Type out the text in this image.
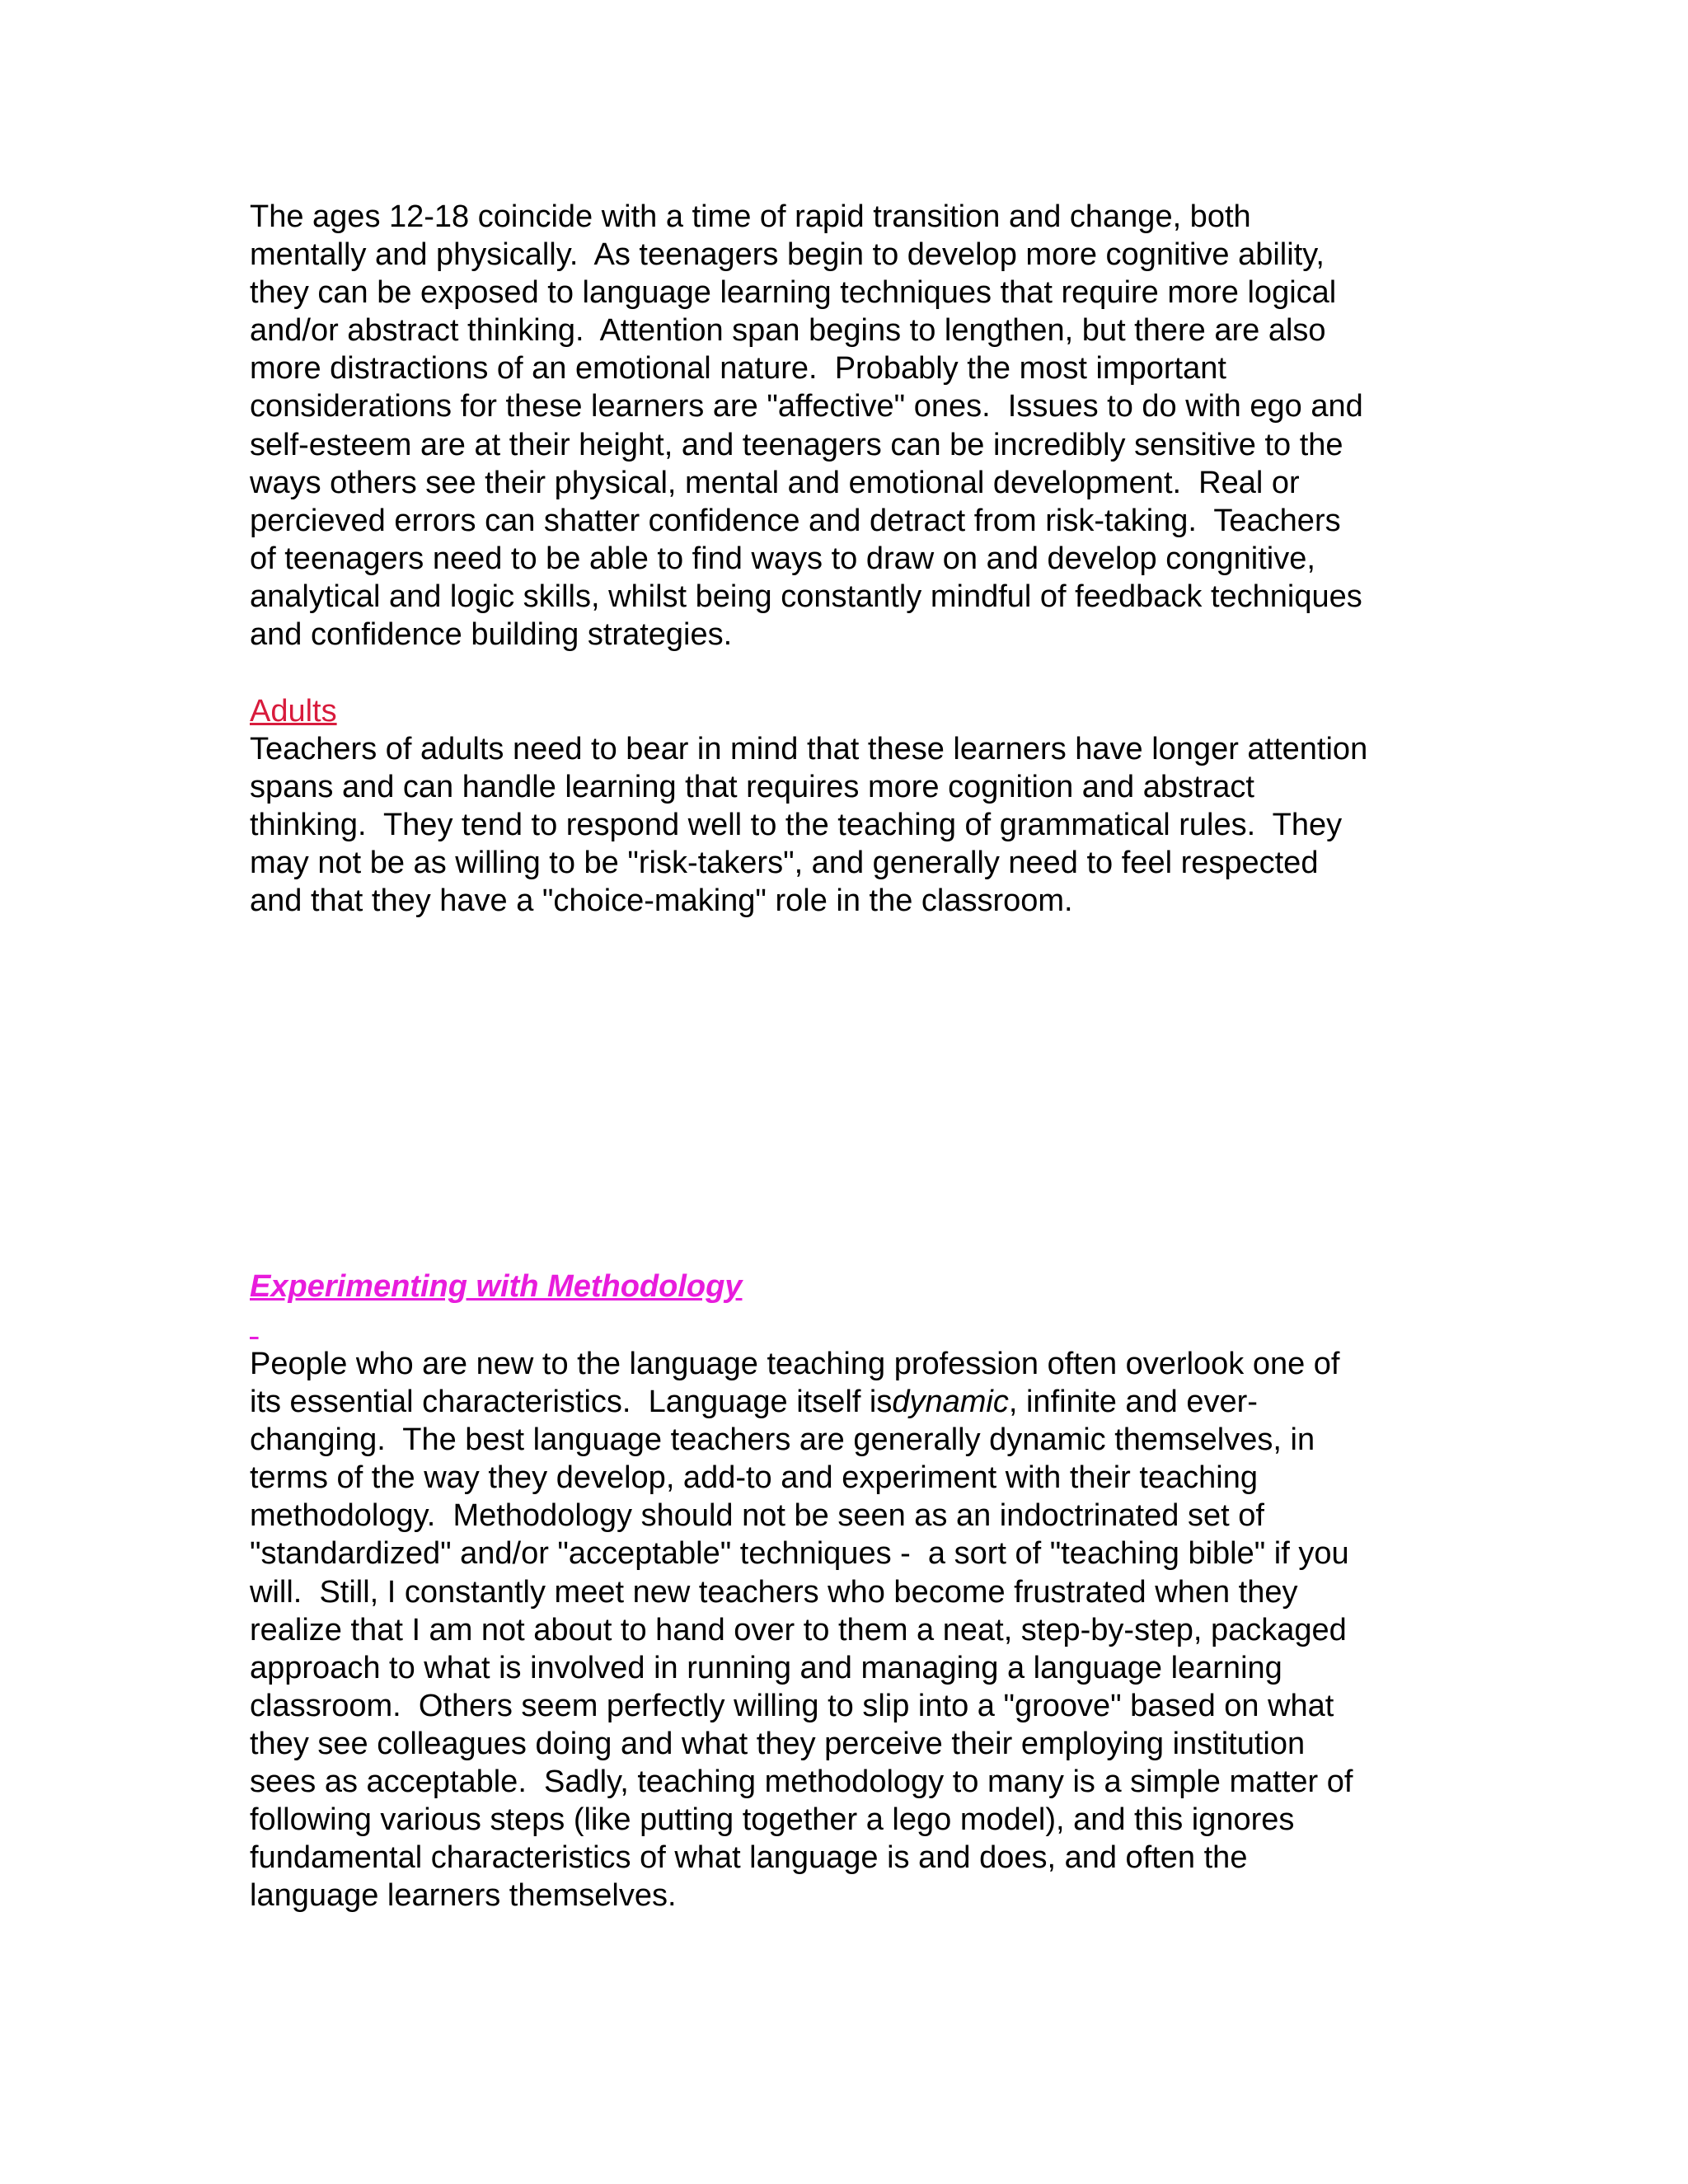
The ages 12-18 coincide with a time of rapid transition and change, both
mentally and physically.  As teenagers begin to develop more cognitive ability,
they can be exposed to language learning techniques that require more logical
and/or abstract thinking.  Attention span begins to lengthen, but there are also
more distractions of an emotional nature.  Probably the most important
considerations for these learners are "affective" ones.  Issues to do with ego and
self-esteem are at their height, and teenagers can be incredibly sensitive to the
ways others see their physical, mental and emotional development.  Real or
percieved errors can shatter confidence and detract from risk-taking.  Teachers
of teenagers need to be able to find ways to draw on and develop congnitive,
analytical and logic skills, whilst being constantly mindful of feedback techniques
and confidence building strategies.
Adults
Teachers of adults need to bear in mind that these learners have longer attention
spans and can handle learning that requires more cognition and abstract
thinking.  They tend to respond well to the teaching of grammatical rules.  They
may not be as willing to be "risk-takers", and generally need to feel respected
and that they have a "choice-making" role in the classroom.
Experimenting with Methodology

People who are new to the language teaching profession often overlook one of
its essential characteristics.  Language itself isdynamic, infinite and ever-
changing.  The best language teachers are generally dynamic themselves, in
terms of the way they develop, add-to and experiment with their teaching
methodology.  Methodology should not be seen as an indoctrinated set of
"standardized" and/or "acceptable" techniques -  a sort of "teaching bible" if you
will.  Still, I constantly meet new teachers who become frustrated when they
realize that I am not about to hand over to them a neat, step-by-step, packaged
approach to what is involved in running and managing a language learning
classroom.  Others seem perfectly willing to slip into a "groove" based on what
they see colleagues doing and what they perceive their employing institution
sees as acceptable.  Sadly, teaching methodology to many is a simple matter of
following various steps (like putting together a lego model), and this ignores
fundamental characteristics of what language is and does, and often the
language learners themselves.
